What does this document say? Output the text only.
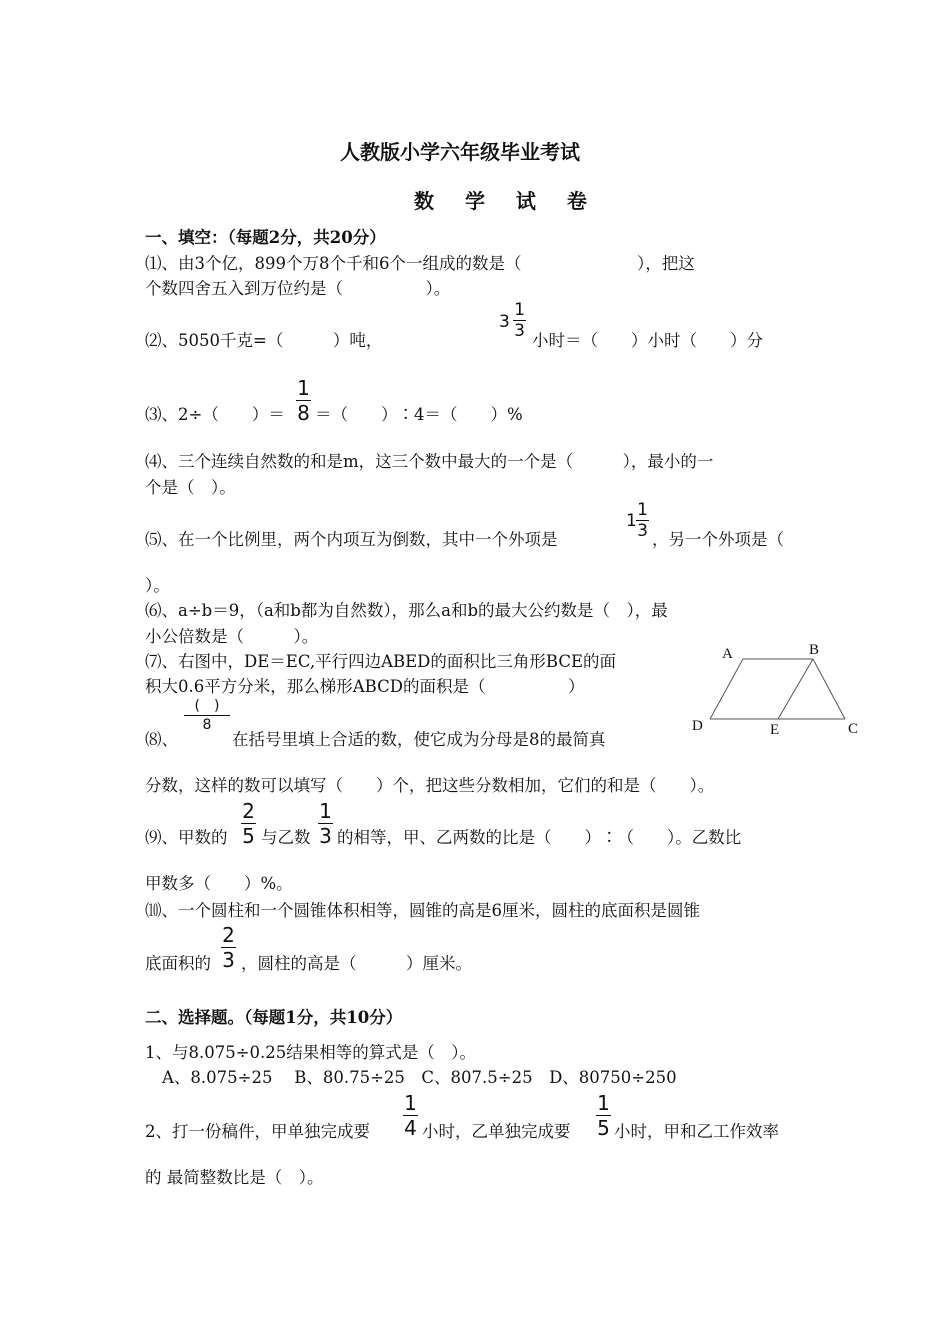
人教版小学六年级毕业考试
数 学 试 卷
一、填空：（每题2分，共20分）
⑴、由3个亿，899个万8个千和6个一组成的数是（　　　　　　　），把这
个数四舍五入到万位约是（　　　　　）。
⑵、5050千克=（　　　）吨，
3
1
3 小时＝（　　）小时（　　）分
⑶、2÷（　　）＝
1
8 ＝（　　）∶4＝（　　）%
⑷、三个连续自然数的和是m，这三个数中最大的一个是（　　　），最小的一
个是（　）。
⑸、在一个比例里，两个内项互为倒数，其中一个外项是
1
1
3 ，另一个外项是（
）。
⑹、a÷b＝9，（a和b都为自然数），那么a和b的最大公约数是（　），最
小公倍数是（　　　）。
⑺、右图中，DE＝EC,平行四边ABED的面积比三角形BCE的面
积大0.6平方分米，那么梯形ABCD的面积是（　　　　　）
⑻、
(　)
8
在括号里填上合适的数，使它成为分母是8的最简真
分数，这样的数可以填写（　　）个，把这些分数相加，它们的和是（　　）。
⑼、甲数的
2
5 与乙数
1
3 的相等，甲、乙两数的比是（　　）∶（　　）。乙数比
甲数多（　　）%。
⑽、一个圆柱和一个圆锥体积相等，圆锥的高是6厘米，圆柱的底面积是圆锥
底面积的
2
3 ，圆柱的高是（　　　）厘米。
A	B
C
D	E
二、选择题。（每题1分，共10分）
1、与8.075÷0.25结果相等的算式是（　）。
A、8.075÷25　 B、80.75÷25　C、807.5÷25　D、80750÷250
2、打一份稿件，甲单独完成要
1
4 小时，乙单独完成要
1
5 小时，甲和乙工作效率
的 最简整数比是（　）。
